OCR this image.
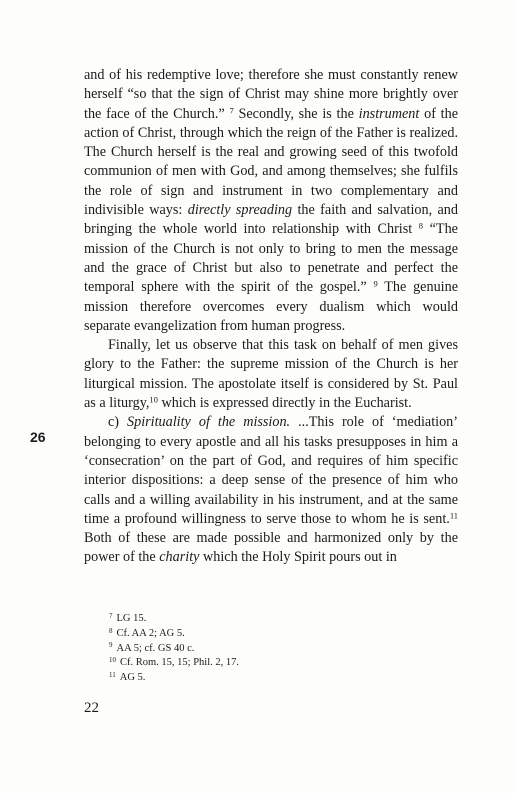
and of his redemptive love; therefore she must constantly renew herself “so that the sign of Christ may shine more brightly over the face of the Church.” $^7$ Secondly, she is the instrument of the action of Christ, through which the reign of the Father is realized. The Church herself is the real and growing seed of this twofold communion of men with God, and among themselves; she fulfils the role of sign and instrument in two complementary and indivisible ways: directly spreading the faith and salvation, and bringing the whole world into relationship with Christ $^8$ “The mission of the Church is not only to bring to men the message and the grace of Christ but also to penetrate and perfect the temporal sphere with the spirit of the gospel.” $^9$ The genuine mission therefore overcomes every dualism which would separate evangelization from human progress.

Finally, let us observe that this task on behalf of men gives glory to the Father: the supreme mission of the Church is her liturgical mission. The apostolate itself is considered by St. Paul as a liturgy,$^{10}$ which is expressed directly in the Eucharist.

c) Spirituality of the mission. ...This role of ‘mediation’ belonging to every apostle and all his tasks presupposes in him a ‘consecration’ on the part of God, and requires of him specific interior dispositions: a deep sense of the presence of him who calls and a willing availability in his instrument, and at the same time a profound willingness to serve those to whom he is sent.$^{11}$ Both of these are made possible and harmonized only by the power of the charity which the Holy Spirit pours out in

26
$^7$ LG 15.
$^8$ Cf. AA 2; AG 5.
$^9$ AA 5; cf. GS 40 c.
$^{10}$ Cf. Rom. 15, 15; Phil. 2, 17.
$^{11}$ AG 5.
22
